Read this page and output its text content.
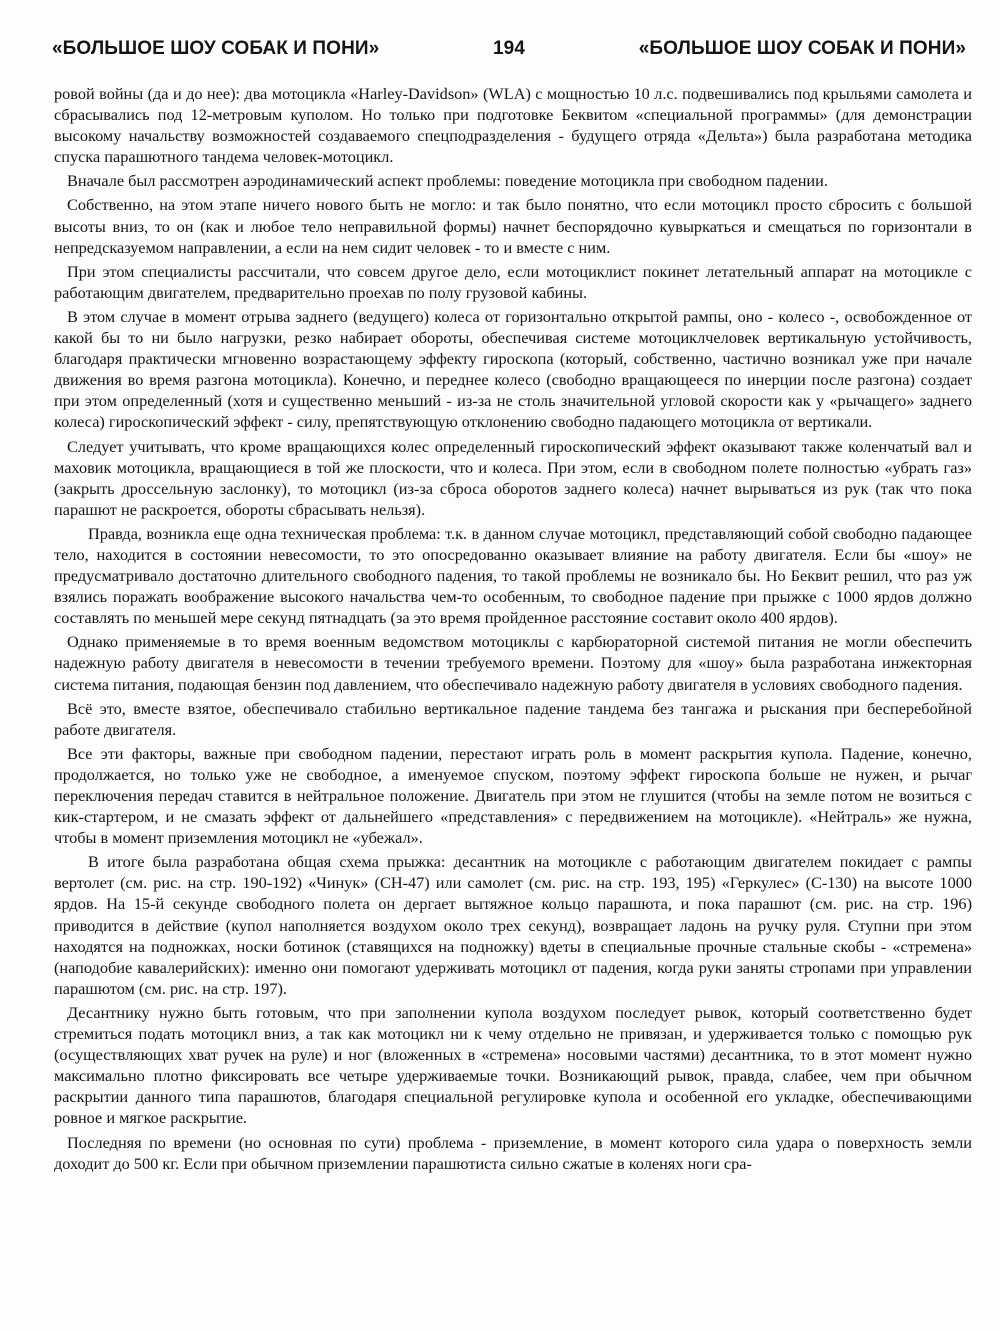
«БОЛЬШОЕ ШОУ СОБАК И ПОНИ»	194	«БОЛЬШОЕ ШОУ СОБАК И ПОНИ»

ровой войны (да и до нее): два мотоцикла «Harley-Davidson» (WLA) с мощностью 10 л.с. подвешивались под крыльями самолета и сбрасывались под 12-метровым куполом. Но только при подготовке Беквитом «специальной программы» (для демонстрации высокому начальству возможностей создаваемого спецподразделения - будущего отряда «Дельта») была разработана методика спуска парашютного тандема человек-мотоцикл.

Вначале был рассмотрен аэродинамический аспект проблемы: поведение мотоцикла при свободном падении.

Собственно, на этом этапе ничего нового быть не могло: и так было понятно, что если мотоцикл просто сбросить с большой высоты вниз, то он (как и любое тело неправильной формы) начнет беспорядочно кувыркаться и смещаться по горизонтали в непредсказуемом направлении, а если на нем сидит человек - то и вместе с ним.

При этом специалисты рассчитали, что совсем другое дело, если мотоциклист покинет летательный аппарат на мотоцикле с работающим двигателем, предварительно проехав по полу грузовой кабины.

В этом случае в момент отрыва заднего (ведущего) колеса от горизонтально открытой рампы, оно - колесо -, освобожденное от какой бы то ни было нагрузки, резко набирает обороты, обеспечивая системе мотоциклчеловек вертикальную устойчивость, благодаря практически мгновенно возрастающему эффекту гироскопа (который, собственно, частично возникал уже при начале движения во время разгона мотоцикла). Конечно, и переднее колесо (свободно вращающееся по инерции после разгона) создает при этом определенный (хотя и существенно меньший - из-за не столь значительной угловой скорости как у «рычащего» заднего колеса) гироскопический эффект - силу, препятствующую отклонению свободно падающего мотоцикла от вертикали.

Следует учитывать, что кроме вращающихся колес определенный гироскопический эффект оказывают также коленчатый вал и маховик мотоцикла, вращающиеся в той же плоскости, что и колеса. При этом, если в свободном полете полностью «убрать газ» (закрыть дроссельную заслонку), то мотоцикл (из-за сброса оборотов заднего колеса) начнет вырываться из рук (так что пока парашют не раскроется, обороты сбрасывать нельзя).

Правда, возникла еще одна техническая проблема: т.к. в данном случае мотоцикл, представляющий собой свободно падающее тело, находится в состоянии невесомости, то это опосредованно оказывает влияние на работу двигателя. Если бы «шоу» не предусматривало достаточно длительного свободного падения, то такой проблемы не возникало бы. Но Беквит решил, что раз уж взялись поражать воображение высокого начальства чем-то особенным, то свободное падение при прыжке с 1000 ярдов должно составлять по меньшей мере секунд пятнадцать (за это время пройденное расстояние составит около 400 ярдов).

Однако применяемые в то время военным ведомством мотоциклы с карбюраторной системой питания не могли обеспечить надежную работу двигателя в невесомости в течении требуемого времени. Поэтому для «шоу» была разработана инжекторная система питания, подающая бензин под давлением, что обеспечивало надежную работу двигателя в условиях свободного падения.

Всё это, вместе взятое, обеспечивало стабильно вертикальное падение тандема без тангажа и рыскания при бесперебойной работе двигателя.

Все эти факторы, важные при свободном падении, перестают играть роль в момент раскрытия купола. Падение, конечно, продолжается, но только уже не свободное, а именуемое спуском, поэтому эффект гироскопа больше не нужен, и рычаг переключения передач ставится в нейтральное положение. Двигатель при этом не глушится (чтобы на земле потом не возиться с кик-стартером, и не смазать эффект от дальнейшего «представления» с передвижением на мотоцикле). «Нейтраль» же нужна, чтобы в момент приземления мотоцикл не «убежал».

В итоге была разработана общая схема прыжка: десантник на мотоцикле с работающим двигателем покидает с рампы вертолет (см. рис. на стр. 190-192) «Чинук» (CH-47) или самолет (см. рис. на стр. 193, 195) «Геркулес» (C-130) на высоте 1000 ярдов. На 15-й секунде свободного полета он дергает вытяжное кольцо парашюта, и пока парашют (см. рис. на стр. 196) приводится в действие (купол наполняется воздухом около трех секунд), возвращает ладонь на ручку руля. Ступни при этом находятся на подножках, носки ботинок (ставящихся на подножку) вдеты в специальные прочные стальные скобы - «стремена» (наподобие кавалерийских): именно они помогают удерживать мотоцикл от падения, когда руки заняты стропами при управлении парашютом (см. рис. на стр. 197).

Десантнику нужно быть готовым, что при заполнении купола воздухом последует рывок, который соответственно будет стремиться подать мотоцикл вниз, а так как мотоцикл ни к чему отдельно не привязан, и удерживается только с помощью рук (осуществляющих хват ручек на руле) и ног (вложенных в «стремена» носовыми частями) десантника, то в этот момент нужно максимально плотно фиксировать все четыре удерживаемые точки. Возникающий рывок, правда, слабее, чем при обычном раскрытии данного типа парашютов, благодаря специальной регулировке купола и особенной его укладке, обеспечивающими ровное и мягкое раскрытие.

Последняя по времени (но основная по сути) проблема - приземление, в момент которого сила удара о поверхность земли доходит до 500 кг. Если при обычном приземлении парашютиста сильно сжатые в коленях ноги сра-
